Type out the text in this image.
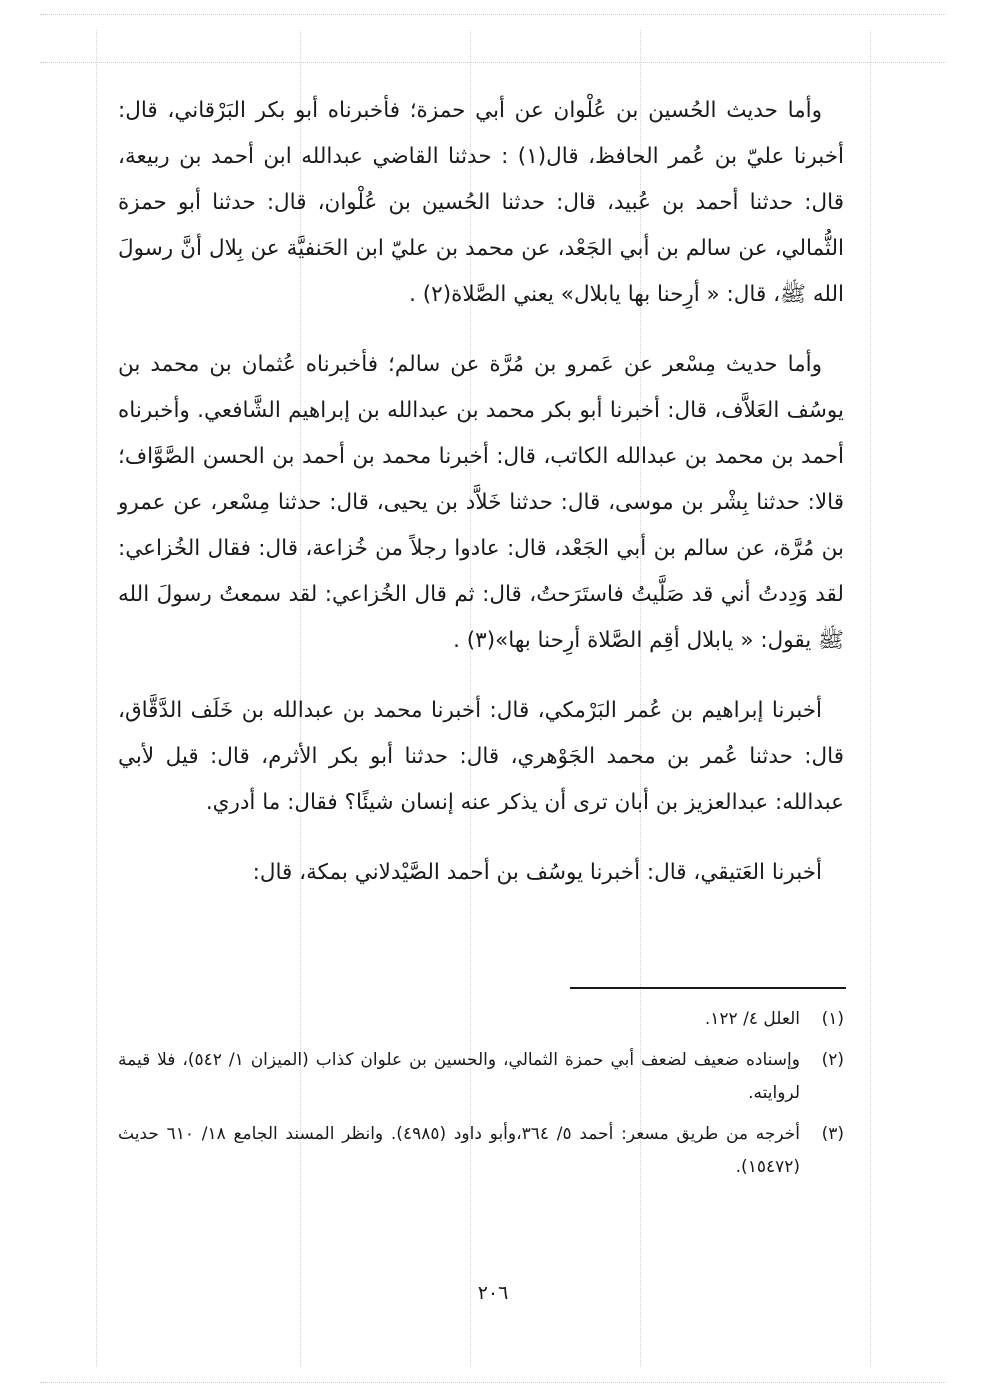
وأما حديث الحُسين بن عُلْوان عن أبي حمزة؛ فأخبرناه أبو بكر البَرْقاني، قال: أخبرنا عليّ بن عُمر الحافظ، قال(١) : حدثنا القاضي عبدالله ابن أحمد بن ربيعة، قال: حدثنا أحمد بن عُبيد، قال: حدثنا الحُسين بن عُلْوان، قال: حدثنا أبو حمزة الثُّمالي، عن سالم بن أبي الجَعْد، عن محمد بن عليّ ابن الحَنفيَّة عن بِلال أنَّ رسولَ الله ﷺ، قال: « أرِحنا بها يابلال» يعني الصَّلاة(٢) .

وأما حديث مِسْعر عن عَمرو بن مُرَّة عن سالم؛ فأخبرناه عُثمان بن محمد بن يوسُف العَلاَّف، قال: أخبرنا أبو بكر محمد بن عبدالله بن إبراهيم الشَّافعي. وأخبرناه أحمد بن محمد بن عبدالله الكاتب، قال: أخبرنا محمد بن أحمد بن الحسن الصَّوَّاف؛ قالا: حدثنا بِشْر بن موسى، قال: حدثنا خَلاَّد بن يحيى، قال: حدثنا مِسْعر، عن عمرو بن مُرَّة، عن سالم بن أبي الجَعْد، قال: عادوا رجلاً من خُزاعة، قال: فقال الخُزاعي: لقد وَدِدتُ أني قد صَلَّيتُ فاستَرَحتُ، قال: ثم قال الخُزاعي: لقد سمعتُ رسولَ الله ﷺ يقول: « يابلال أقِم الصَّلاة أرِحنا بها»(٣) .

أخبرنا إبراهيم بن عُمر البَرْمكي، قال: أخبرنا محمد بن عبدالله بن خَلَف الدَّقَّاق، قال: حدثنا عُمر بن محمد الجَوْهري، قال: حدثنا أبو بكر الأثرم، قال: قيل لأبي عبدالله: عبدالعزيز بن أبان ترى أن يذكر عنه إنسان شيئًا؟ فقال: ما أدري.

أخبرنا العَتيقي، قال: أخبرنا يوسُف بن أحمد الصَّيْدلاني بمكة، قال:

(١)
العلل ٤/ ١٢٢.
(٢)
وإسناده ضعيف لضعف أبي حمزة الثمالي، والحسين بن علوان كذاب (الميزان ١/ ٥٤٢)، فلا قيمة لروايته.
(٣)
أخرجه من طريق مسعر: أحمد ٥/ ٣٦٤،وأبو داود (٤٩٨٥). وانظر المسند الجامع ١٨/ ٦١٠ حديث (١٥٤٧٢).
٢٠٦
